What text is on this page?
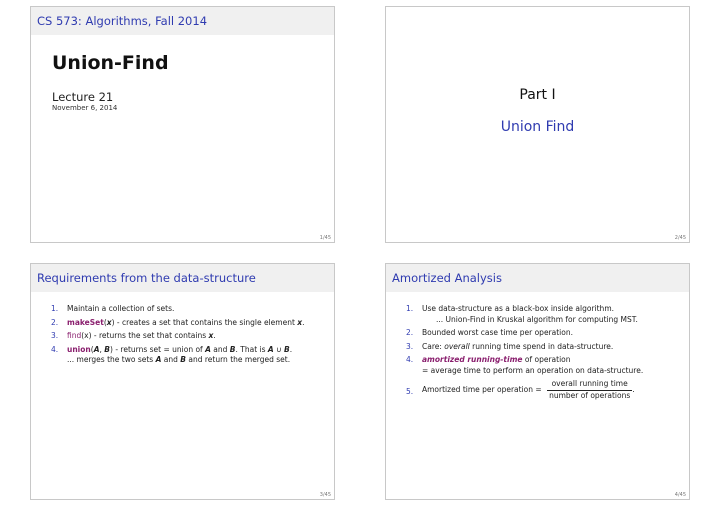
CS 573: Algorithms, Fall 2014
Union-Find
Lecture 21
November 6, 2014
1/45
Part I
Union Find
2/45
Requirements from the data-structure
1. Maintain a collection of sets.
2. makeSet(x) - creates a set that contains the single element x.
3. find(x) - returns the set that contains x.
4. union(A, B) - returns set = union of A and B. That is A ∪ B.
... merges the two sets A and B and return the merged set.
3/45
Amortized Analysis
1. Use data-structure as a black-box inside algorithm.
... Union-Find in Kruskal algorithm for computing MST.
2. Bounded worst case time per operation.
3. Care: overall running time spend in data-structure.
4. amortized running-time of operation
= average time to perform an operation on data-structure.
5. Amortized time per operation = $\frac{\text{overall running time}}{\text{number of operations}}$ .
4/45
